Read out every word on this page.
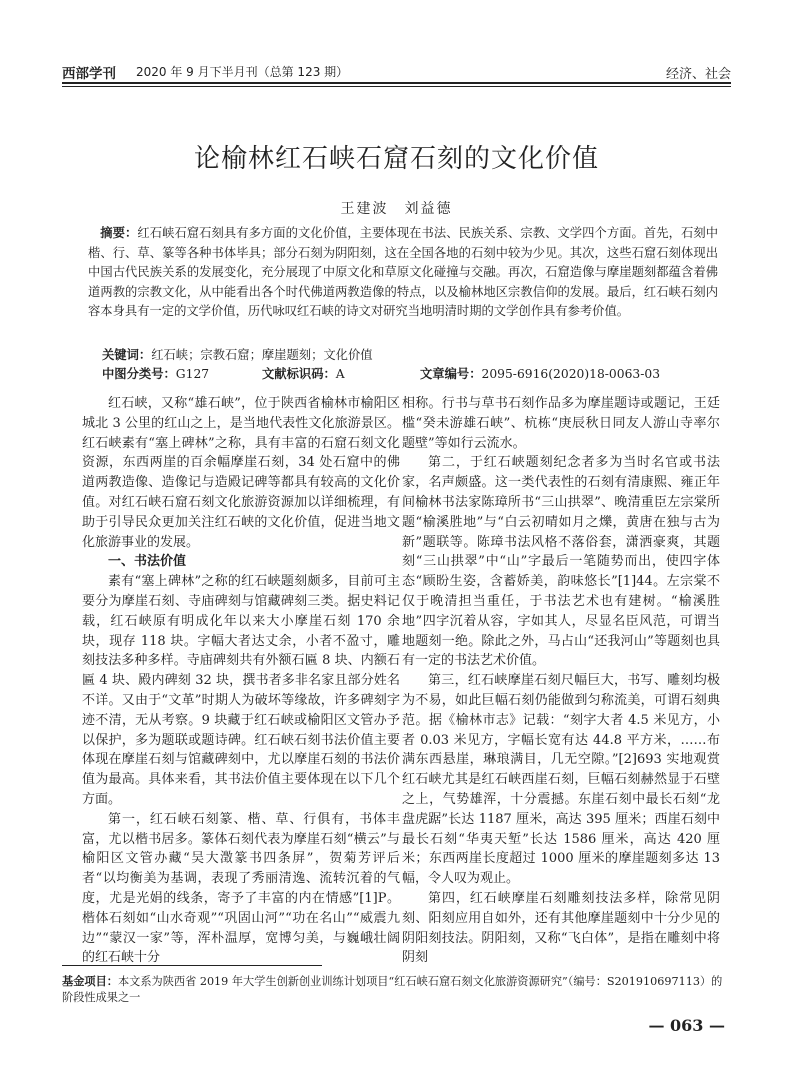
西部学刊 2020 年 9 月下半月刊（总第 123 期）	经济、社会
论榆林红石峡石窟石刻的文化价值
王建波　刘益德
摘要：红石峡石窟石刻具有多方面的文化价值，主要体现在书法、民族关系、宗教、文学四个方面。首先，石刻中楷、行、草、篆等各种书体毕具；部分石刻为阴阳刻，这在全国各地的石刻中较为少见。其次，这些石窟石刻体现出中国古代民族关系的发展变化，充分展现了中原文化和草原文化碰撞与交融。再次，石窟造像与摩崖题刻都蕴含着佛道两教的宗教文化，从中能看出各个时代佛道两教造像的特点，以及榆林地区宗教信仰的发展。最后，红石峡石刻内容本身具有一定的文学价值，历代咏叹红石峡的诗文对研究当地明清时期的文学创作具有参考价值。
关键词：红石峡；宗教石窟；摩崖题刻；文化价值
中图分类号：G127	文献标识码：A	文章编号：2095-6916(2020)18-0063-03

红石峡，又称“雄石峡”，位于陕西省榆林市榆阳区城北 3 公里的红山之上，是当地代表性文化旅游景区。红石峡素有“塞上碑林”之称，具有丰富的石窟石刻文化资源，东西两崖的百余幅摩崖石刻，34 处石窟中的佛道两教造像、造像记与造殿记碑等都具有较高的文化价值。对红石峡石窟石刻文化旅游资源加以详细梳理，有助于引导民众更加关注红石峡的文化价值，促进当地文化旅游事业的发展。

一、书法价值

素有“塞上碑林”之称的红石峡题刻颇多，目前可主要分为摩崖石刻、寺庙碑刻与馆藏碑刻三类。据史料记载，红石峡原有明成化年以来大小摩崖石刻 170 余块，现存 118 块。字幅大者达丈余，小者不盈寸，雕刻技法多种多样。寺庙碑刻共有外额石匾 8 块、内额石匾 4 块、殿内碑刻 32 块，撰书者多非名家且部分姓名不详。又由于“文革”时期人为破坏等缘故，许多碑刻字迹不清，无从考察。9 块藏于红石峡或榆阳区文管办予以保护，多为题联或题诗碑。红石峡石刻书法价值主要体现在摩崖石刻与馆藏碑刻中，尤以摩崖石刻的书法价值为最高。具体来看，其书法价值主要体现在以下几个方面。

第一，红石峡石刻篆、楷、草、行俱有，书体丰富，尤以楷书居多。篆体石刻代表为摩崖石刻“横云”与榆阳区文管办藏“吴大澂篆书四条屏”，贺菊芳评后者“以均衡美为基调，表现了秀丽清逸、流转沉着的气度，尤是光娟的线条，寄予了丰富的内在情感”[1]P。楷体石刻如“山水奇观”“巩固山河”“功在名山”“威震九边”“蒙汉一家”等，浑朴温厚，宽博匀美，与巍峨壮阔的红石峡十分

相称。行书与草书石刻作品多为摩崖题诗或题记，王廷槛“癸未游雄石峡”、杭栋“庚辰秋日同友人游山寺率尔题壁”等如行云流水。

第二，于红石峡题刻纪念者多为当时名官或书法家，名声颇盛。这一类代表性的石刻有清康熙、雍正年间榆林书法家陈璋所书“三山拱翠”、晚清重臣左宗棠所题“榆溪胜地”与“白云初晴如月之爍，黄唐在独与古为新”题联等。陈璋书法风格不落俗套，潇洒豪爽，其题刻“三山拱翠”中“山”字最后一笔随势而出，使四字体态“顾盼生姿，含蓄娇美，韵味悠长”[1]44。左宗棠不仅于晚清担当重任，于书法艺术也有建树。“榆溪胜地”四字沉着从容，字如其人，尽显名臣风范，可谓当地题刻一绝。除此之外，马占山“还我河山”等题刻也具有一定的书法艺术价值。

第三，红石峡摩崖石刻尺幅巨大，书写、雕刻均极为不易，如此巨幅石刻仍能做到匀称流美，可谓石刻典范。据《榆林市志》记载：“刻字大者 4.5 米见方，小者 0.03 米见方，字幅长宽有达 44.8 平方米，……布满东西悬崖，琳琅满目，几无空隙。”[2]693 实地观赏红石峡尤其是红石峡西崖石刻，巨幅石刻赫然显于石壁之上，气势雄浑，十分震撼。东崖石刻中最长石刻“龙盘虎踞”长达 1187 厘米，高达 395 厘米；西崖石刻中最长石刻“华夷天堑”长达 1586 厘米，高达 420 厘米；东西两崖长度超过 1000 厘米的摩崖题刻多达 13 幅，令人叹为观止。

第四，红石峡摩崖石刻雕刻技法多样，除常见阴刻、阳刻应用自如外，还有其他摩崖题刻中十分少见的阴阳刻技法。阴阳刻，又称“飞白体”，是指在雕刻中将阴刻

基金项目：本文系为陕西省 2019 年大学生创新创业训练计划项目“红石峡石窟石刻文化旅游资源研究”（编号：S201910697113）的阶段性成果之一
— 063 —
